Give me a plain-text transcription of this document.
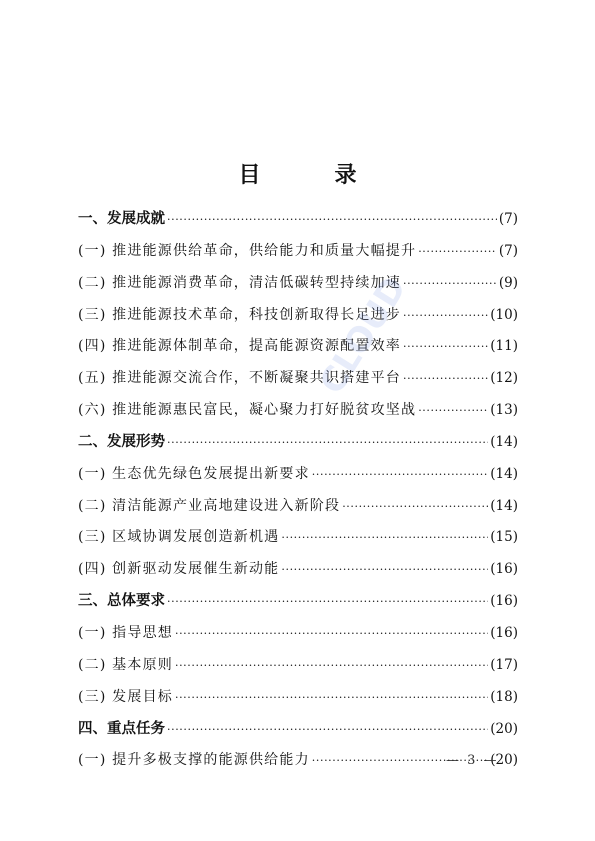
目　录
一、发展成就 ·····	(7)
(一) 推进能源供给革命，供给能力和质量大幅提升 ·····	(7)
(二) 推进能源消费革命，清洁低碳转型持续加速 ·····	(9)
(三) 推进能源技术革命，科技创新取得长足进步 ·····	(10)
(四) 推进能源体制革命，提高能源资源配置效率 ·····	(11)
(五) 推进能源交流合作，不断凝聚共识搭建平台 ·····	(12)
(六) 推进能源惠民富民，凝心聚力打好脱贫攻坚战 ·····	(13)
二、发展形势 ·····	(14)
(一) 生态优先绿色发展提出新要求 ·····	(14)
(二) 清洁能源产业高地建设进入新阶段 ·····	(14)
(三) 区域协调发展创造新机遇 ·····	(15)
(四) 创新驱动发展催生新动能 ·····	(16)
三、总体要求 ·····	(16)
(一) 指导思想 ·····	(16)
(二) 基本原则 ·····	(17)
(三) 发展目标 ·····	(18)
四、重点任务 ·····	(20)
(一) 提升多极支撑的能源供给能力 ·····	(20)
CLOUD
— 3 —
